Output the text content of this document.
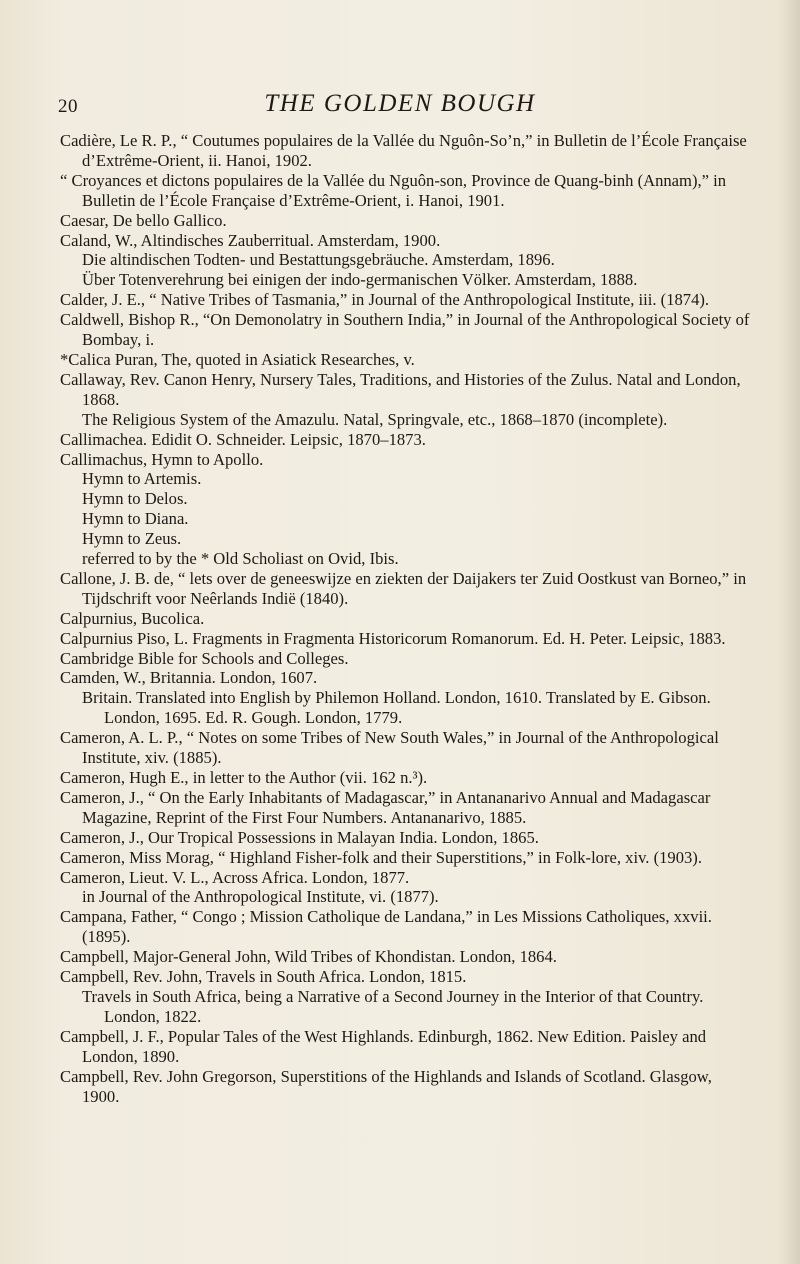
20	THE GOLDEN BOUGH

Cadière, Le R. P., “ Coutumes populaires de la Vallée du Nguôn-So’n,” in Bulletin de l’École Française d’Extrême-Orient, ii. Hanoi, 1902.

“ Croyances et dictons populaires de la Vallée du Nguôn-son, Province de Quang-binh (Annam),” in Bulletin de l’École Française d’Extrême-Orient, i. Hanoi, 1901.

Caesar, De bello Gallico.

Caland, W., Altindisches Zauberritual. Amsterdam, 1900.

Die altindischen Todten- und Bestattungsgebräuche. Amsterdam, 1896.

Über Totenverehrung bei einigen der indo-germanischen Völker. Amsterdam, 1888.

Calder, J. E., “ Native Tribes of Tasmania,” in Journal of the Anthropological Institute, iii. (1874).

Caldwell, Bishop R., “On Demonolatry in Southern India,” in Journal of the Anthropological Society of Bombay, i.

*Calica Puran, The, quoted in Asiatick Researches, v.

Callaway, Rev. Canon Henry, Nursery Tales, Traditions, and Histories of the Zulus. Natal and London, 1868.

The Religious System of the Amazulu. Natal, Springvale, etc., 1868–1870 (incomplete).

Callimachea. Edidit O. Schneider. Leipsic, 1870–1873.

Callimachus, Hymn to Apollo.

Hymn to Artemis.

Hymn to Delos.

Hymn to Diana.

Hymn to Zeus.

referred to by the * Old Scholiast on Ovid, Ibis.

Callone, J. B. de, “ lets over de geneeswijze en ziekten der Daijakers ter Zuid Oostkust van Borneo,” in Tijdschrift voor Neêrlands Indië (1840).

Calpurnius, Bucolica.

Calpurnius Piso, L. Fragments in Fragmenta Historicorum Romanorum. Ed. H. Peter. Leipsic, 1883.

Cambridge Bible for Schools and Colleges.

Camden, W., Britannia. London, 1607.

Britain. Translated into English by Philemon Holland. London, 1610. Translated by E. Gibson. London, 1695. Ed. R. Gough. London, 1779.

Cameron, A. L. P., “ Notes on some Tribes of New South Wales,” in Journal of the Anthropological Institute, xiv. (1885).

Cameron, Hugh E., in letter to the Author (vii. 162 n.³).

Cameron, J., “ On the Early Inhabitants of Madagascar,” in Antananarivo Annual and Madagascar Magazine, Reprint of the First Four Numbers. Antananarivo, 1885.

Cameron, J., Our Tropical Possessions in Malayan India. London, 1865.

Cameron, Miss Morag, “ Highland Fisher-folk and their Superstitions,” in Folk-lore, xiv. (1903).

Cameron, Lieut. V. L., Across Africa. London, 1877.

in Journal of the Anthropological Institute, vi. (1877).

Campana, Father, “ Congo ; Mission Catholique de Landana,” in Les Missions Catholiques, xxvii. (1895).

Campbell, Major-General John, Wild Tribes of Khondistan. London, 1864.

Campbell, Rev. John, Travels in South Africa. London, 1815.

Travels in South Africa, being a Narrative of a Second Journey in the Interior of that Country. London, 1822.

Campbell, J. F., Popular Tales of the West Highlands. Edinburgh, 1862. New Edition. Paisley and London, 1890.

Campbell, Rev. John Gregorson, Superstitions of the Highlands and Islands of Scotland. Glasgow, 1900.
